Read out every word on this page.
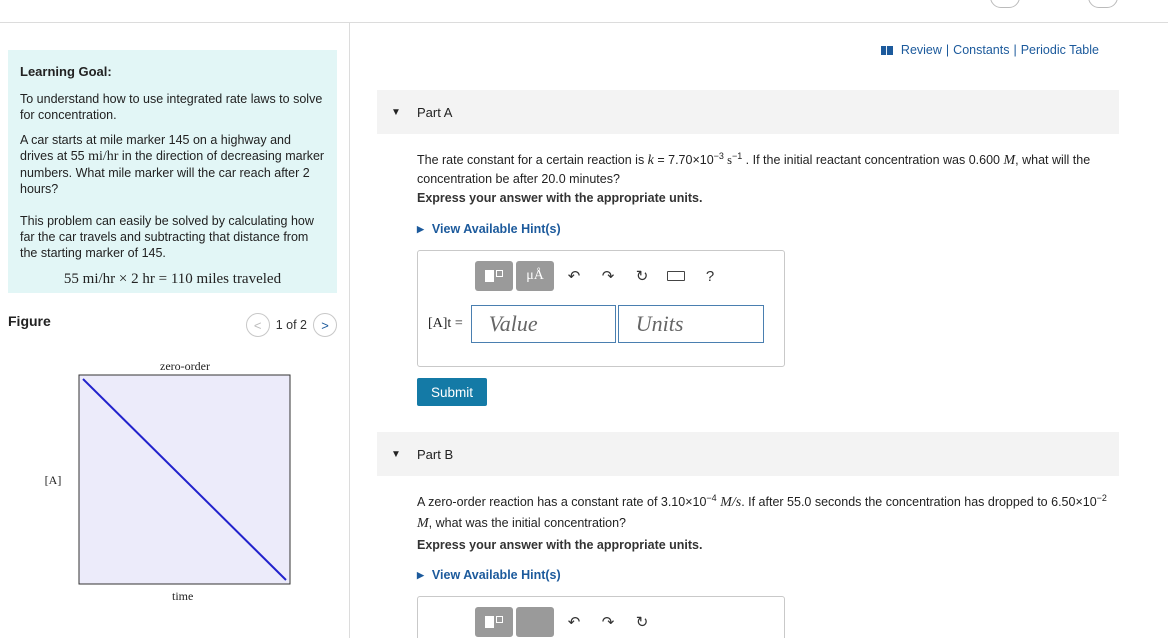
Learning Goal:

To understand how to use integrated rate laws to solve for concentration.

A car starts at mile marker 145 on a highway and drives at 55 mi/hr in the direction of decreasing marker numbers. What mile marker will the car reach after 2 hours?

This problem can easily be solved by calculating how far the car travels and subtracting that distance from the starting marker of 145.

55 mi/hr × 2 hr = 110 miles traveled
Figure	< 1 of 2 >
zero-order
[A]
time
Review | Constants | Periodic Table
▼ Part A
The rate constant for a certain reaction is $k = 7.70\times 10^{-3}$ $s^{-1}$ . If the initial reactant concentration was 0.600 M, what will the concentration be after 20.0 minutes?
Express your answer with the appropriate units.
▶ View Available Hint(s)
μÅ	↶ ↷ ↻	?
[A]t =	Value	Units
Submit
▼ Part B
A zero-order reaction has a constant rate of $3.10\times 10^{-4}$ M/s. If after 55.0 seconds the concentration has dropped to $6.50\times 10^{-2}$ M, what was the initial concentration?
Express your answer with the appropriate units.
▶ View Available Hint(s)
↶ ↷ ↻
